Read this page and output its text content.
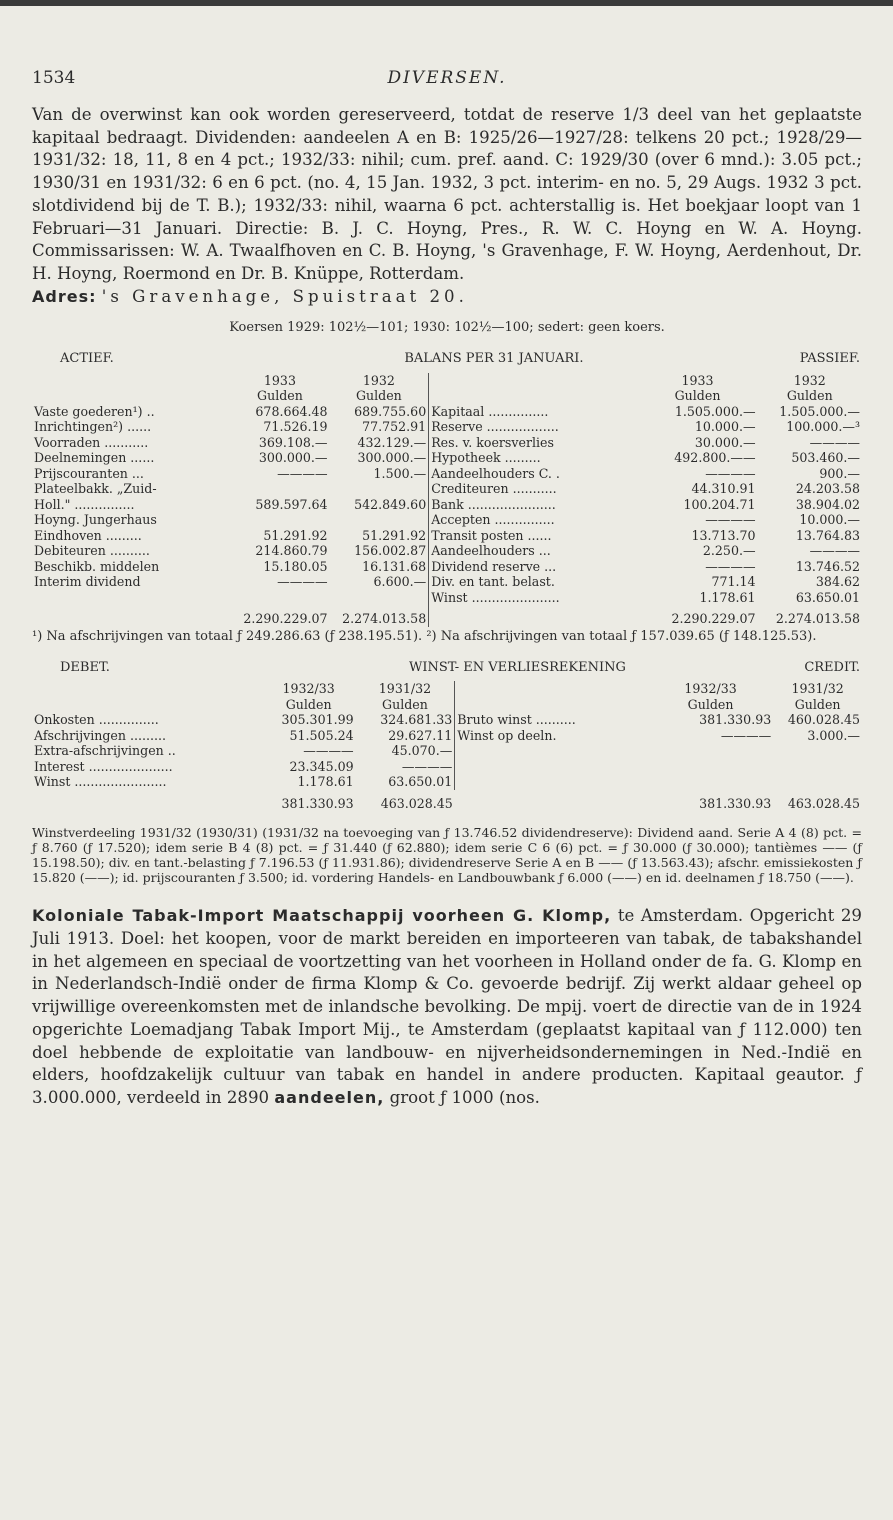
1534	DIVERSEN.

Van de overwinst kan ook worden gereserveerd, totdat de reserve 1/3 deel van het geplaatste kapitaal bedraagt. Dividenden: aandeelen A en B: 1925/26—1927/28: telkens 20 pct.; 1928/29—1931/32: 18, 11, 8 en 4 pct.; 1932/33: nihil; cum. pref. aand. C: 1929/30 (over 6 mnd.): 3.05 pct.; 1930/31 en 1931/32: 6 en 6 pct. (no. 4, 15 Jan. 1932, 3 pct. interim- en no. 5, 29 Augs. 1932 3 pct. slotdividend bij de T. B.); 1932/33: nihil, waarna 6 pct. achterstallig is. Het boekjaar loopt van 1 Februari—31 Januari. Directie: B. J. C. Hoyng, Pres., R. W. C. Hoyng en W. A. Hoyng. Commissarissen: W. A. Twaalfhoven en C. B. Hoyng, 's Gravenhage, F. W. Hoyng, Aerdenhout, Dr. H. Hoyng, Roermond en Dr. B. Knüppe, Rotterdam.

Adres: 's Gravenhage, Spuistraat 20.

Koersen 1929: 102½—101; 1930: 102½—100; sedert: geen koers.
ACTIEF.	BALANS PER 31 JANUARI.				PASSIEF.
	1933	1932		1933	1932
	Gulden	Gulden		Gulden	Gulden
Vaste goederen¹) ..	678.664.48	689.755.60	Kapitaal ...............	1.505.000.—	1.505.000.—
Inrichtingen²) ......	71.526.19	77.752.91	Reserve ..................	10.000.—	100.000.—³
Voorraden ...........	369.108.—	432.129.—	Res. v. koersverlies	30.000.—	————
Deelnemingen ......	300.000.—	300.000.—	Hypotheek .........	492.800.——	503.460.—
Prijscouranten ...	————	1.500.—	Aandeelhouders C. .	————	900.—
Plateelbakk. „Zuid-			Crediteuren ...........	44.310.91	24.203.58
Holl." ...............	589.597.64	542.849.60	Bank ......................	100.204.71	38.904.02
Hoyng. Jungerhaus			Accepten ...............	————	10.000.—
Eindhoven .........	51.291.92	51.291.92	Transit posten ......	13.713.70	13.764.83
Debiteuren ..........	214.860.79	156.002.87	Aandeelhouders ...	2.250.—	————
Beschikb. middelen	15.180.05	16.131.68	Dividend reserve ...	————	13.746.52
Interim dividend	————	6.600.—	Div. en tant. belast.	771.14	384.62
			Winst ......................	1.178.61	63.650.01
	2.290.229.07	2.274.013.58		2.290.229.07	2.274.013.58

¹) Na afschrijvingen van totaal ƒ 249.286.63 (ƒ 238.195.51). ²) Na afschrijvingen van totaal ƒ 157.039.65 (ƒ 148.125.53).

DEBET.	WINST- EN VERLIESREKENING				CREDIT.
	1932/33	1931/32		1932/33	1931/32
	Gulden	Gulden		Gulden	Gulden
Onkosten ...............	305.301.99	324.681.33	Bruto winst ..........	381.330.93	460.028.45
Afschrijvingen .........	51.505.24	29.627.11	Winst op deeln.	————	3.000.—
Extra-afschrijvingen ..	————	45.070.—			
Interest .....................	23.345.09	————			
Winst .......................	1.178.61	63.650.01			
	381.330.93	463.028.45		381.330.93	463.028.45

Winstverdeeling 1931/32 (1930/31) (1931/32 na toevoeging van ƒ 13.746.52 dividendreserve): Dividend aand. Serie A 4 (8) pct. = ƒ 8.760 (ƒ 17.520); idem serie B 4 (8) pct. = ƒ 31.440 (ƒ 62.880); idem serie C 6 (6) pct. = ƒ 30.000 (ƒ 30.000); tantièmes —— (ƒ 15.198.50); div. en tant.-belasting ƒ 7.196.53 (ƒ 11.931.86); dividendreserve Serie A en B —— (ƒ 13.563.43); afschr. emissiekosten ƒ 15.820 (——); id. prijscouranten ƒ 3.500; id. vordering Handels- en Landbouwbank ƒ 6.000 (——) en id. deelnamen ƒ 18.750 (——).

Koloniale Tabak-Import Maatschappij voorheen G. Klomp, te Amsterdam. Opgericht 29 Juli 1913. Doel: het koopen, voor de markt bereiden en importeeren van tabak, de tabakshandel in het algemeen en speciaal de voortzetting van het voorheen in Holland onder de fa. G. Klomp en in Nederlandsch-Indië onder de firma Klomp & Co. gevoerde bedrijf. Zij werkt aldaar geheel op vrijwillige overeenkomsten met de inlandsche bevolking. De mpij. voert de directie van de in 1924 opgerichte Loemadjang Tabak Import Mij., te Amsterdam (geplaatst kapitaal van ƒ 112.000) ten doel hebbende de exploitatie van landbouw- en nijverheidsondernemingen in Ned.-Indië en elders, hoofdzakelijk cultuur van tabak en handel in andere producten. Kapitaal geautor. ƒ 3.000.000, verdeeld in 2890 aandeelen, groot ƒ 1000 (nos.
